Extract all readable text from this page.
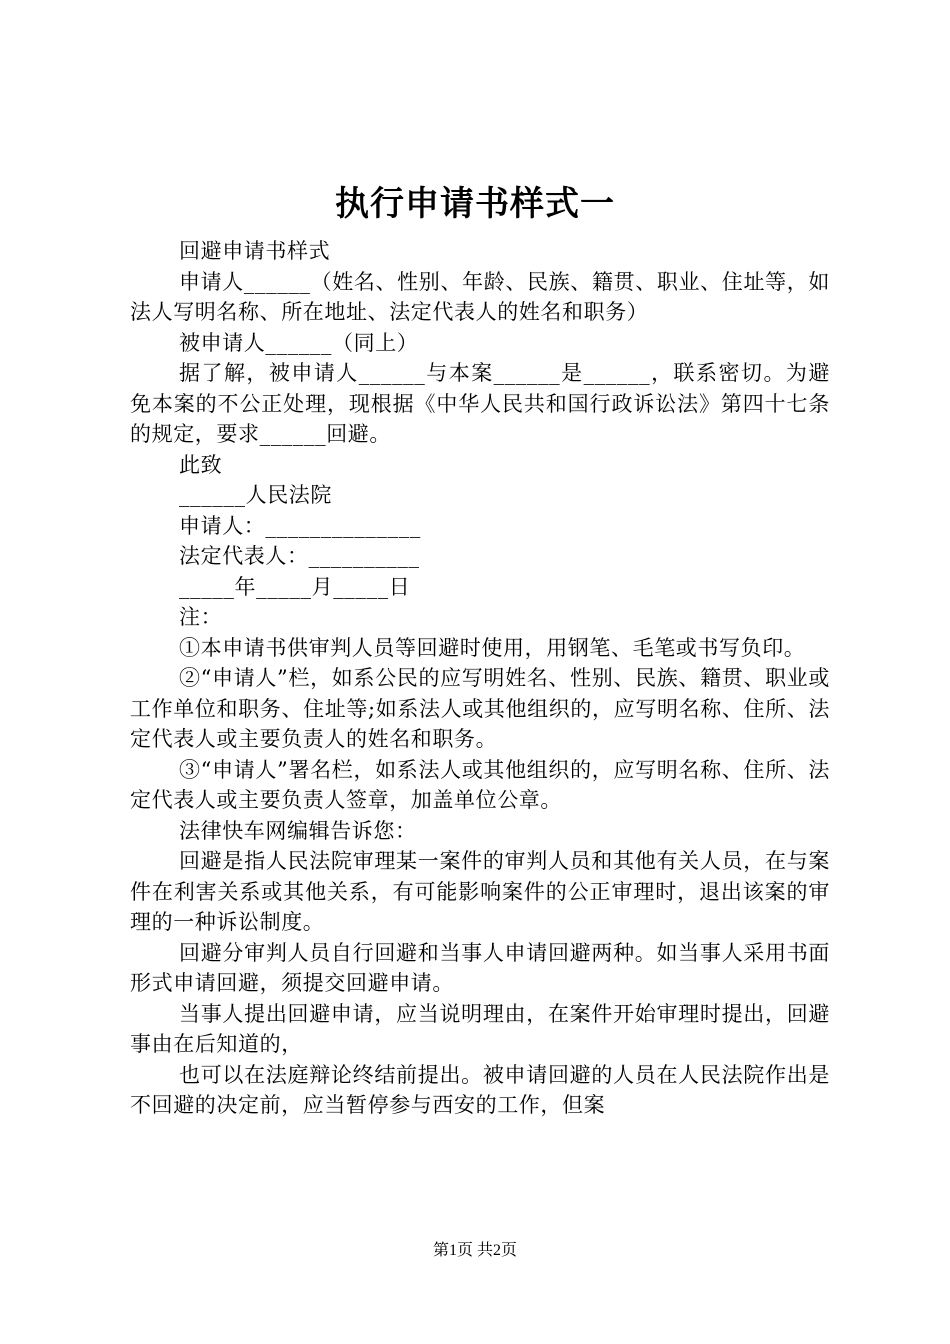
执行申请书样式一

回避申请书样式

申请人______（姓名、性别、年龄、民族、籍贯、职业、住址等，如法人写明名称、所在地址、法定代表人的姓名和职务）

被申请人______（同上）

据了解，被申请人______与本案______是______，联系密切。为避免本案的不公正处理，现根据《中华人民共和国行政诉讼法》第四十七条的规定，要求______回避。

此致

______人民法院

申请人：______________

法定代表人：__________

_____年_____月_____日

注：

①本申请书供审判人员等回避时使用，用钢笔、毛笔或书写负印。

②“申请人”栏，如系公民的应写明姓名、性别、民族、籍贯、职业或工作单位和职务、住址等;如系法人或其他组织的，应写明名称、住所、法定代表人或主要负责人的姓名和职务。

③“申请人”署名栏，如系法人或其他组织的，应写明名称、住所、法定代表人或主要负责人签章，加盖单位公章。

法律快车网编辑告诉您：

回避是指人民法院审理某一案件的审判人员和其他有关人员，在与案件在利害关系或其他关系，有可能影响案件的公正审理时，退出该案的审理的一种诉讼制度。

回避分审判人员自行回避和当事人申请回避两种。如当事人采用书面形式申请回避，须提交回避申请。

当事人提出回避申请，应当说明理由，在案件开始审理时提出，回避事由在后知道的，

也可以在法庭辩论终结前提出。被申请回避的人员在人民法院作出是不回避的决定前，应当暂停参与西安的工作，但案

第1页 共2页
